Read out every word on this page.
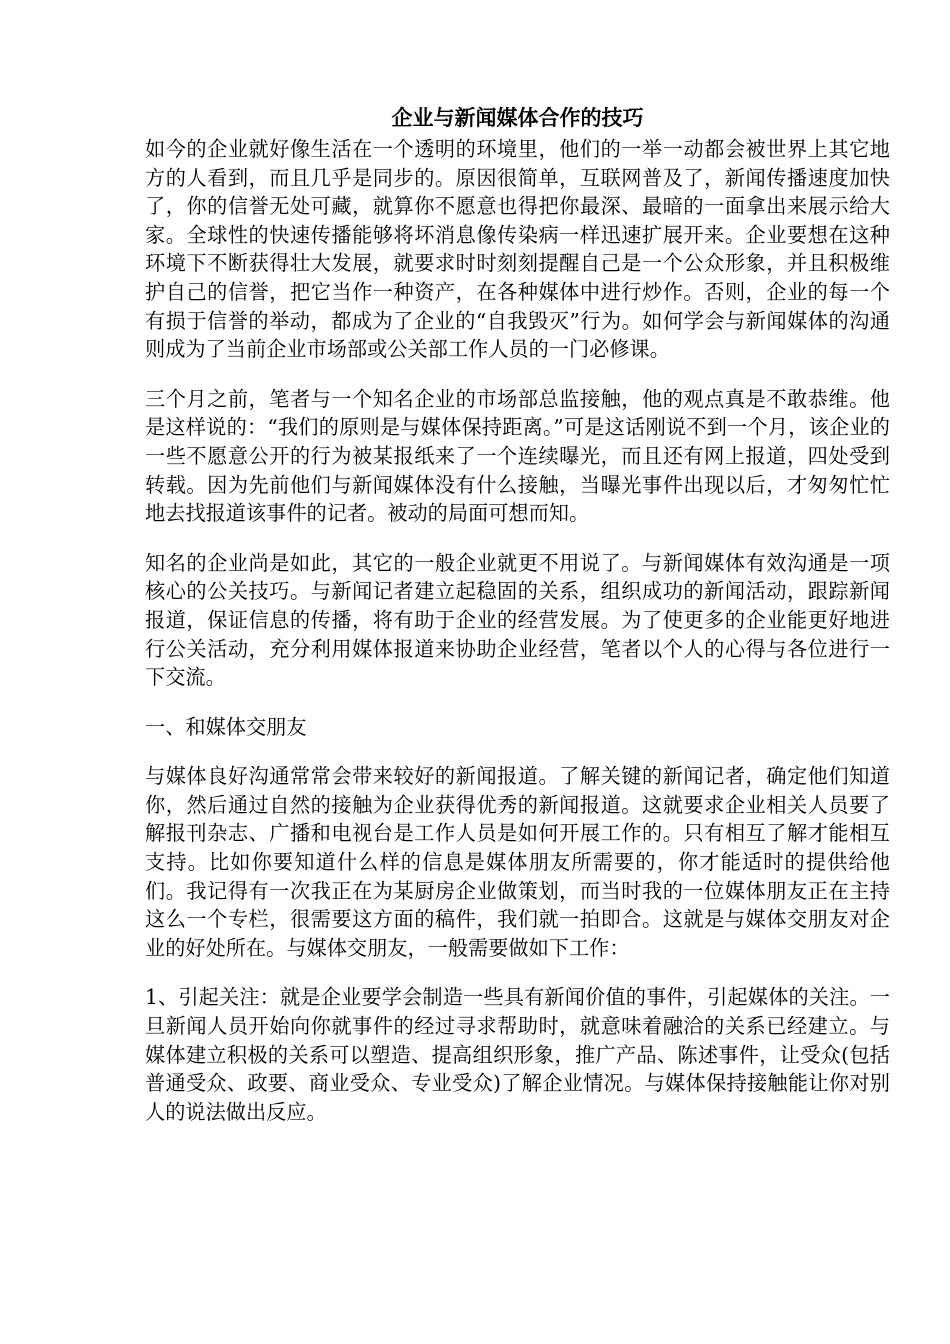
企业与新闻媒体合作的技巧

如今的企业就好像生活在一个透明的环境里，他们的一举一动都会被世界上其它地方的人看到，而且几乎是同步的。原因很简单，互联网普及了，新闻传播速度加快了，你的信誉无处可藏，就算你不愿意也得把你最深、最暗的一面拿出来展示给大家。全球性的快速传播能够将坏消息像传染病一样迅速扩展开来。企业要想在这种环境下不断获得壮大发展，就要求时时刻刻提醒自己是一个公众形象，并且积极维护自己的信誉，把它当作一种资产，在各种媒体中进行炒作。否则，企业的每一个有损于信誉的举动，都成为了企业的“自我毁灭”行为。如何学会与新闻媒体的沟通则成为了当前企业市场部或公关部工作人员的一门必修课。

三个月之前，笔者与一个知名企业的市场部总监接触，他的观点真是不敢恭维。他是这样说的：“我们的原则是与媒体保持距离。”可是这话刚说不到一个月，该企业的一些不愿意公开的行为被某报纸来了一个连续曝光，而且还有网上报道，四处受到转载。因为先前他们与新闻媒体没有什么接触，当曝光事件出现以后，才匆匆忙忙地去找报道该事件的记者。被动的局面可想而知。

知名的企业尚是如此，其它的一般企业就更不用说了。与新闻媒体有效沟通是一项核心的公关技巧。与新闻记者建立起稳固的关系，组织成功的新闻活动，跟踪新闻报道，保证信息的传播，将有助于企业的经营发展。为了使更多的企业能更好地进行公关活动，充分利用媒体报道来协助企业经营，笔者以个人的心得与各位进行一下交流。

一、和媒体交朋友

与媒体良好沟通常常会带来较好的新闻报道。了解关键的新闻记者，确定他们知道你，然后通过自然的接触为企业获得优秀的新闻报道。这就要求企业相关人员要了解报刊杂志、广播和电视台是工作人员是如何开展工作的。只有相互了解才能相互支持。比如你要知道什么样的信息是媒体朋友所需要的，你才能适时的提供给他们。我记得有一次我正在为某厨房企业做策划，而当时我的一位媒体朋友正在主持这么一个专栏，很需要这方面的稿件，我们就一拍即合。这就是与媒体交朋友对企业的好处所在。与媒体交朋友，一般需要做如下工作：

1、引起关注：就是企业要学会制造一些具有新闻价值的事件，引起媒体的关注。一旦新闻人员开始向你就事件的经过寻求帮助时，就意味着融洽的关系已经建立。与媒体建立积极的关系可以塑造、提高组织形象，推广产品、陈述事件，让受众(包括普通受众、政要、商业受众、专业受众)了解企业情况。与媒体保持接触能让你对别人的说法做出反应。
